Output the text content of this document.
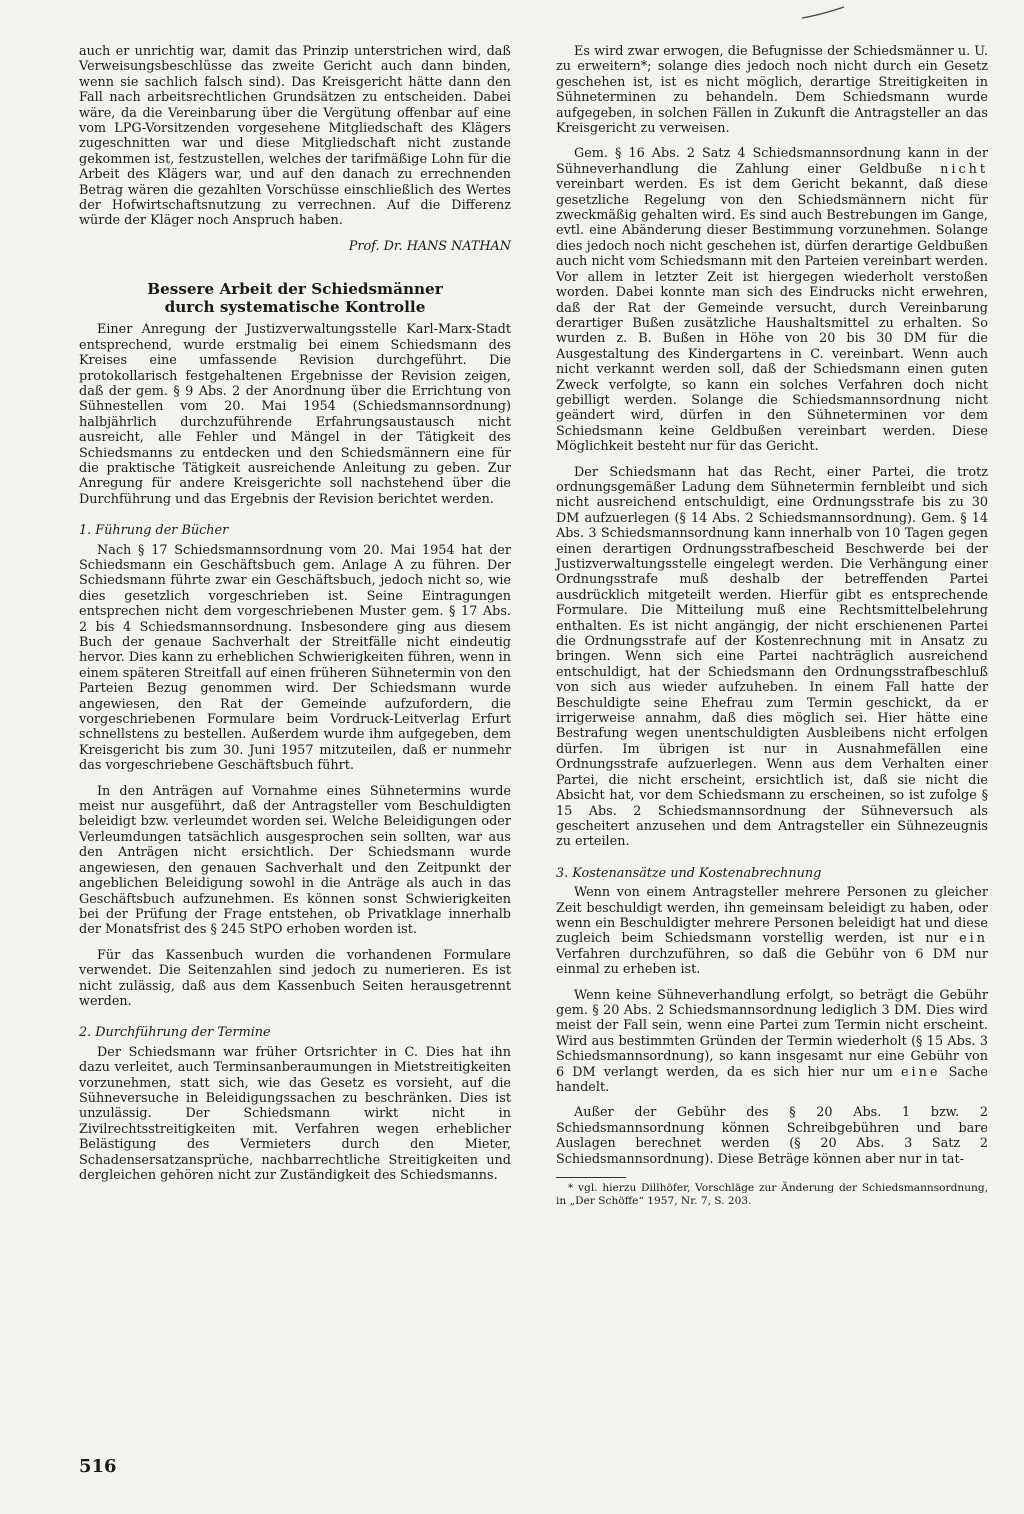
auch er unrichtig war, damit das Prinzip unterstrichen wird, daß Verweisungsbeschlüsse das zweite Gericht auch dann binden, wenn sie sachlich falsch sind). Das Kreisgericht hätte dann den Fall nach arbeitsrechtlichen Grundsätzen zu entscheiden. Dabei wäre, da die Vereinbarung über die Vergütung offenbar auf eine vom LPG-Vorsitzenden vorgesehene Mitgliedschaft des Klägers zugeschnitten war und diese Mitgliedschaft nicht zustande gekommen ist, festzustellen, welches der tarifmäßige Lohn für die Arbeit des Klägers war, und auf den danach zu errechnenden Betrag wären die gezahlten Vorschüsse einschließlich des Wertes der Hofwirtschaftsnutzung zu verrechnen. Auf die Differenz würde der Kläger noch Anspruch haben.

Prof. Dr. HANS NATHAN
Bessere Arbeit der Schiedsmänner
durch systematische Kontrolle

Einer Anregung der Justizverwaltungsstelle Karl-Marx-Stadt entsprechend, wurde erstmalig bei einem Schiedsmann des Kreises eine umfassende Revision durchgeführt. Die protokollarisch festgehaltenen Ergebnisse der Revision zeigen, daß der gem. § 9 Abs. 2 der Anordnung über die Errichtung von Sühnestellen vom 20. Mai 1954 (Schiedsmannsordnung) halbjährlich durchzuführende Erfahrungsaustausch nicht ausreicht, alle Fehler und Mängel in der Tätigkeit des Schiedsmanns zu entdecken und den Schiedsmännern eine für die praktische Tätigkeit ausreichende Anleitung zu geben. Zur Anregung für andere Kreisgerichte soll nachstehend über die Durchführung und das Ergebnis der Revision berichtet werden.

1. Führung der Bücher

Nach § 17 Schiedsmannsordnung vom 20. Mai 1954 hat der Schiedsmann ein Geschäftsbuch gem. Anlage A zu führen. Der Schiedsmann führte zwar ein Geschäftsbuch, jedoch nicht so, wie dies gesetzlich vorgeschrieben ist. Seine Eintragungen entsprechen nicht dem vorgeschriebenen Muster gem. § 17 Abs. 2 bis 4 Schiedsmannsordnung. Insbesondere ging aus diesem Buch der genaue Sachverhalt der Streitfälle nicht eindeutig hervor. Dies kann zu erheblichen Schwierigkeiten führen, wenn in einem späteren Streitfall auf einen früheren Sühnetermin von den Parteien Bezug genommen wird. Der Schiedsmann wurde angewiesen, den Rat der Gemeinde aufzufordern, die vorgeschriebenen Formulare beim Vordruck-Leitverlag Erfurt schnellstens zu bestellen. Außerdem wurde ihm aufgegeben, dem Kreisgericht bis zum 30. Juni 1957 mitzuteilen, daß er nunmehr das vorgeschriebene Geschäftsbuch führt.

In den Anträgen auf Vornahme eines Sühnetermins wurde meist nur ausgeführt, daß der Antragsteller vom Beschuldigten beleidigt bzw. verleumdet worden sei. Welche Beleidigungen oder Verleumdungen tatsächlich ausgesprochen sein sollten, war aus den Anträgen nicht ersichtlich. Der Schiedsmann wurde angewiesen, den genauen Sachverhalt und den Zeitpunkt der angeblichen Beleidigung sowohl in die Anträge als auch in das Geschäftsbuch aufzunehmen. Es können sonst Schwierigkeiten bei der Prüfung der Frage entstehen, ob Privatklage innerhalb der Monatsfrist des § 245 StPO erhoben worden ist.

Für das Kassenbuch wurden die vorhandenen Formulare verwendet. Die Seitenzahlen sind jedoch zu numerieren. Es ist nicht zulässig, daß aus dem Kassenbuch Seiten herausgetrennt werden.

2. Durchführung der Termine

Der Schiedsmann war früher Ortsrichter in C. Dies hat ihn dazu verleitet, auch Terminsanberaumungen in Mietstreitigkeiten vorzunehmen, statt sich, wie das Gesetz es vorsieht, auf die Sühneversuche in Beleidigungssachen zu beschränken. Dies ist unzulässig. Der Schiedsmann wirkt nicht in Zivilrechtsstreitigkeiten mit. Verfahren wegen erheblicher Belästigung des Vermieters durch den Mieter, Schadensersatzansprüche, nachbarrechtliche Streitigkeiten und dergleichen gehören nicht zur Zuständigkeit des Schiedsmanns.

Es wird zwar erwogen, die Befugnisse der Schiedsmänner u. U. zu erweitern*; solange dies jedoch noch nicht durch ein Gesetz geschehen ist, ist es nicht möglich, derartige Streitigkeiten in Sühneterminen zu behandeln. Dem Schiedsmann wurde aufgegeben, in solchen Fällen in Zukunft die Antragsteller an das Kreisgericht zu verweisen.

Gem. § 16 Abs. 2 Satz 4 Schiedsmannsordnung kann in der Sühneverhandlung die Zahlung einer Geldbuße nicht vereinbart werden. Es ist dem Gericht bekannt, daß diese gesetzliche Regelung von den Schiedsmännern nicht für zweckmäßig gehalten wird. Es sind auch Bestrebungen im Gange, evtl. eine Abänderung dieser Bestimmung vorzunehmen. Solange dies jedoch noch nicht geschehen ist, dürfen derartige Geldbußen auch nicht vom Schiedsmann mit den Parteien vereinbart werden. Vor allem in letzter Zeit ist hiergegen wiederholt verstoßen worden. Dabei konnte man sich des Eindrucks nicht erwehren, daß der Rat der Gemeinde versucht, durch Vereinbarung derartiger Bußen zusätzliche Haushaltsmittel zu erhalten. So wurden z. B. Bußen in Höhe von 20 bis 30 DM für die Ausgestaltung des Kindergartens in C. vereinbart. Wenn auch nicht verkannt werden soll, daß der Schiedsmann einen guten Zweck verfolgte, so kann ein solches Verfahren doch nicht gebilligt werden. Solange die Schiedsmannsordnung nicht geändert wird, dürfen in den Sühneterminen vor dem Schiedsmann keine Geldbußen vereinbart werden. Diese Möglichkeit besteht nur für das Gericht.

Der Schiedsmann hat das Recht, einer Partei, die trotz ordnungsgemäßer Ladung dem Sühnetermin fernbleibt und sich nicht ausreichend entschuldigt, eine Ordnungsstrafe bis zu 30 DM aufzuerlegen (§ 14 Abs. 2 Schiedsmannsordnung). Gem. § 14 Abs. 3 Schiedsmannsordnung kann innerhalb von 10 Tagen gegen einen derartigen Ordnungsstrafbescheid Beschwerde bei der Justizverwaltungsstelle eingelegt werden. Die Verhängung einer Ordnungsstrafe muß deshalb der betreffenden Partei ausdrücklich mitgeteilt werden. Hierfür gibt es entsprechende Formulare. Die Mitteilung muß eine Rechtsmittelbelehrung enthalten. Es ist nicht angängig, der nicht erschienenen Partei die Ordnungsstrafe auf der Kostenrechnung mit in Ansatz zu bringen. Wenn sich eine Partei nachträglich ausreichend entschuldigt, hat der Schiedsmann den Ordnungsstrafbeschluß von sich aus wieder aufzuheben. In einem Fall hatte der Beschuldigte seine Ehefrau zum Termin geschickt, da er irrigerweise annahm, daß dies möglich sei. Hier hätte eine Bestrafung wegen unentschuldigten Ausbleibens nicht erfolgen dürfen. Im übrigen ist nur in Ausnahmefällen eine Ordnungsstrafe aufzuerlegen. Wenn aus dem Verhalten einer Partei, die nicht erscheint, ersichtlich ist, daß sie nicht die Absicht hat, vor dem Schiedsmann zu erscheinen, so ist zufolge § 15 Abs. 2 Schiedsmannsordnung der Sühneversuch als gescheitert anzusehen und dem Antragsteller ein Sühnezeugnis zu erteilen.

3. Kostenansätze und Kostenabrechnung

Wenn von einem Antragsteller mehrere Personen zu gleicher Zeit beschuldigt werden, ihn gemeinsam beleidigt zu haben, oder wenn ein Beschuldigter mehrere Personen beleidigt hat und diese zugleich beim Schiedsmann vorstellig werden, ist nur ein Verfahren durchzuführen, so daß die Gebühr von 6 DM nur einmal zu erheben ist.

Wenn keine Sühneverhandlung erfolgt, so beträgt die Gebühr gem. § 20 Abs. 2 Schiedsmannsordnung lediglich 3 DM. Dies wird meist der Fall sein, wenn eine Partei zum Termin nicht erscheint. Wird aus bestimmten Gründen der Termin wiederholt (§ 15 Abs. 3 Schiedsmannsordnung), so kann insgesamt nur eine Gebühr von 6 DM verlangt werden, da es sich hier nur um eine Sache handelt.

Außer der Gebühr des § 20 Abs. 1 bzw. 2 Schiedsmannsordnung können Schreibgebühren und bare Auslagen berechnet werden (§ 20 Abs. 3 Satz 2 Schiedsmannsordnung). Diese Beträge können aber nur in tat-

* vgl. hierzu Dillhöfer, Vorschläge zur Änderung der Schiedsmannsordnung, in „Der Schöffe“ 1957, Nr. 7, S. 203.

516
